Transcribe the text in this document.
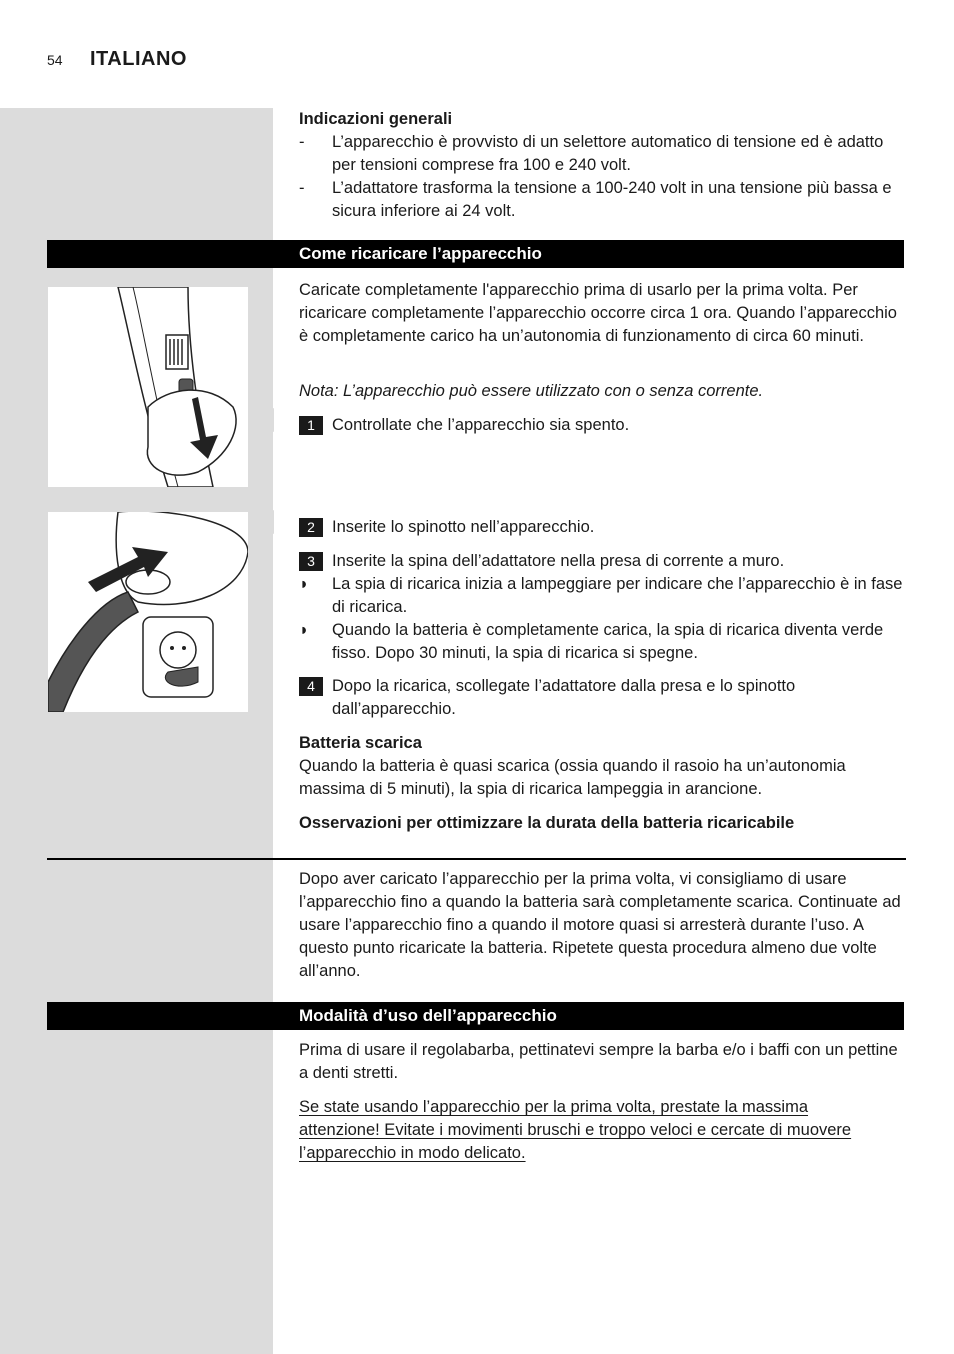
54 ITALIANO
Indicazioni generali
-	L’apparecchio è provvisto di un selettore automatico di tensione ed è adatto per tensioni comprese fra 100 e 240 volt.
-	L’adattatore trasforma la tensione a 100-240 volt in una tensione più bassa e sicura inferiore ai 24 volt.
Come ricaricare l’apparecchio
Caricate completamente l'apparecchio prima di usarlo per la prima volta. Per ricaricare completamente l’apparecchio occorre circa 1 ora. Quando l’apparecchio è completamente carico ha un’autonomia di funzionamento di circa 60 minuti.
Nota: L’apparecchio può essere utilizzato con o senza corrente.
1	Controllate che l’apparecchio sia spento.
2	Inserite lo spinotto nell’apparecchio.
3	Inserite la spina dell’adattatore nella presa di corrente a muro.
◗	La spia di ricarica inizia a lampeggiare per indicare che l’apparecchio è in fase di ricarica.
◗	Quando la batteria è completamente carica, la spia di ricarica diventa verde fisso. Dopo 30 minuti, la spia di ricarica si spegne.
4	Dopo la ricarica, scollegate l’adattatore dalla presa e lo spinotto dall’apparecchio.
Batteria scarica
Quando la batteria è quasi scarica (ossia quando il rasoio ha un’autonomia massima di 5 minuti), la spia di ricarica lampeggia in arancione.
Osservazioni per ottimizzare la durata della batteria ricaricabile
Dopo aver caricato l’apparecchio per la prima volta, vi consigliamo di usare l’apparecchio fino a quando la batteria sarà completamente scarica. Continuate ad usare l’apparecchio fino a quando il motore quasi si arresterà durante l’uso. A questo punto ricaricate la batteria. Ripetete questa procedura almeno due volte all’anno.
Modalità d’uso dell’apparecchio
Prima di usare il regolabarba, pettinatevi sempre la barba e/o i baffi con un pettine a denti stretti.
Se state usando l’apparecchio per la prima volta, prestate la massima attenzione! Evitate i movimenti bruschi e troppo veloci e cercate di muovere l’apparecchio in modo delicato.
